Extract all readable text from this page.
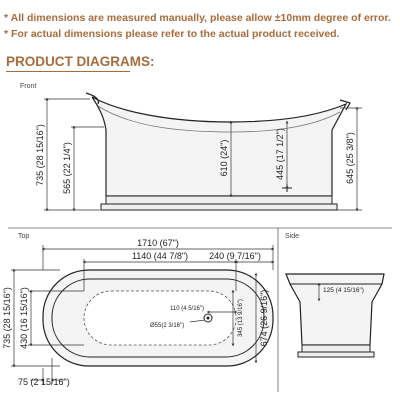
* All dimensions are measured manually, please allow ±10mm degree of error.
* For actual dimensions please refer to the actual product received.
PRODUCT DIAGRAMS:
Front
735 (28 15/16") 565 (22 1/4")	610 (24")	445 (17 1/2")	645 (25 3/8")
Top
1710 (67")
1140 (44 7/8") 240 (9 7/16")
735 (28 15/16") 430 (16 15/16")	674 (26 9/16")
110 (4 5/16")
Ø55(2 3/16")	345 (13 9/16")
75 (2 15/16")
Side
125 (4 15/16")
